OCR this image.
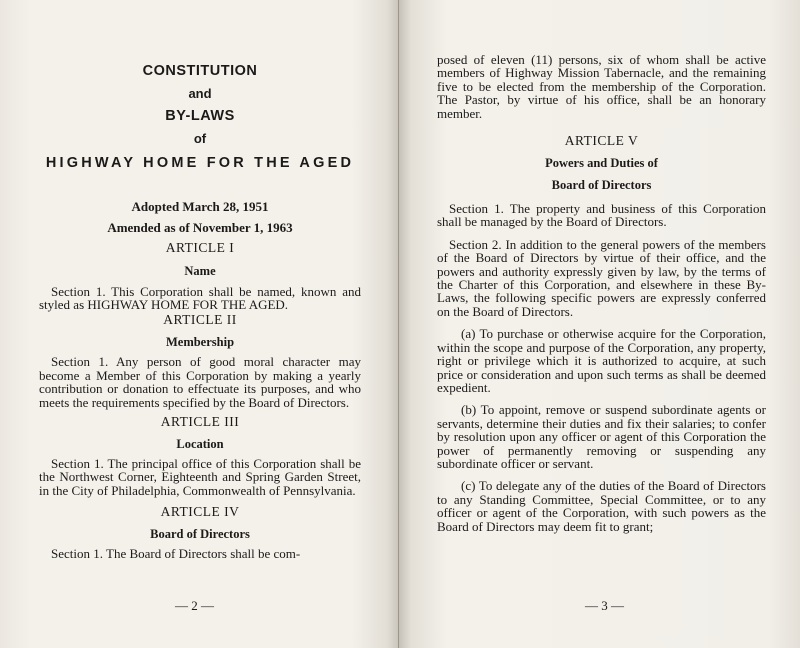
CONSTITUTION
and
BY-LAWS
of
HIGHWAY HOME FOR THE AGED
Adopted March 28, 1951
Amended as of November 1, 1963
ARTICLE I
Name

Section 1. This Corporation shall be named, known and styled as HIGHWAY HOME FOR THE AGED.

ARTICLE II
Membership

Section 1. Any person of good moral character may become a Member of this Corporation by making a yearly contribution or donation to effectuate its purposes, and who meets the requirements specified by the Board of Directors.

ARTICLE III
Location

Section 1. The principal office of this Corporation shall be the Northwest Corner, Eighteenth and Spring Garden Street, in the City of Philadelphia, Commonwealth of Pennsylvania.

ARTICLE IV
Board of Directors

Section 1. The Board of Directors shall be com-

— 2 —

posed of eleven (11) persons, six of whom shall be active members of Highway Mission Tabernacle, and the remaining five to be elected from the membership of the Corporation. The Pastor, by virtue of his office, shall be an honorary member.

ARTICLE V
Powers and Duties of
Board of Directors

Section 1. The property and business of this Corporation shall be managed by the Board of Directors.

Section 2. In addition to the general powers of the members of the Board of Directors by virtue of their office, and the powers and authority expressly given by law, by the terms of the Charter of this Corporation, and elsewhere in these By-Laws, the following specific powers are expressly conferred on the Board of Directors.

(a) To purchase or otherwise acquire for the Corporation, within the scope and purpose of the Corporation, any property, right or privilege which it is authorized to acquire, at such price or consideration and upon such terms as shall be deemed expedient.

(b) To appoint, remove or suspend subordinate agents or servants, determine their duties and fix their salaries; to confer by resolution upon any officer or agent of this Corporation the power of permanently removing or suspending any subordinate officer or servant.

(c) To delegate any of the duties of the Board of Directors to any Standing Committee, Special Committee, or to any officer or agent of the Corporation, with such powers as the Board of Directors may deem fit to grant;

— 3 —
